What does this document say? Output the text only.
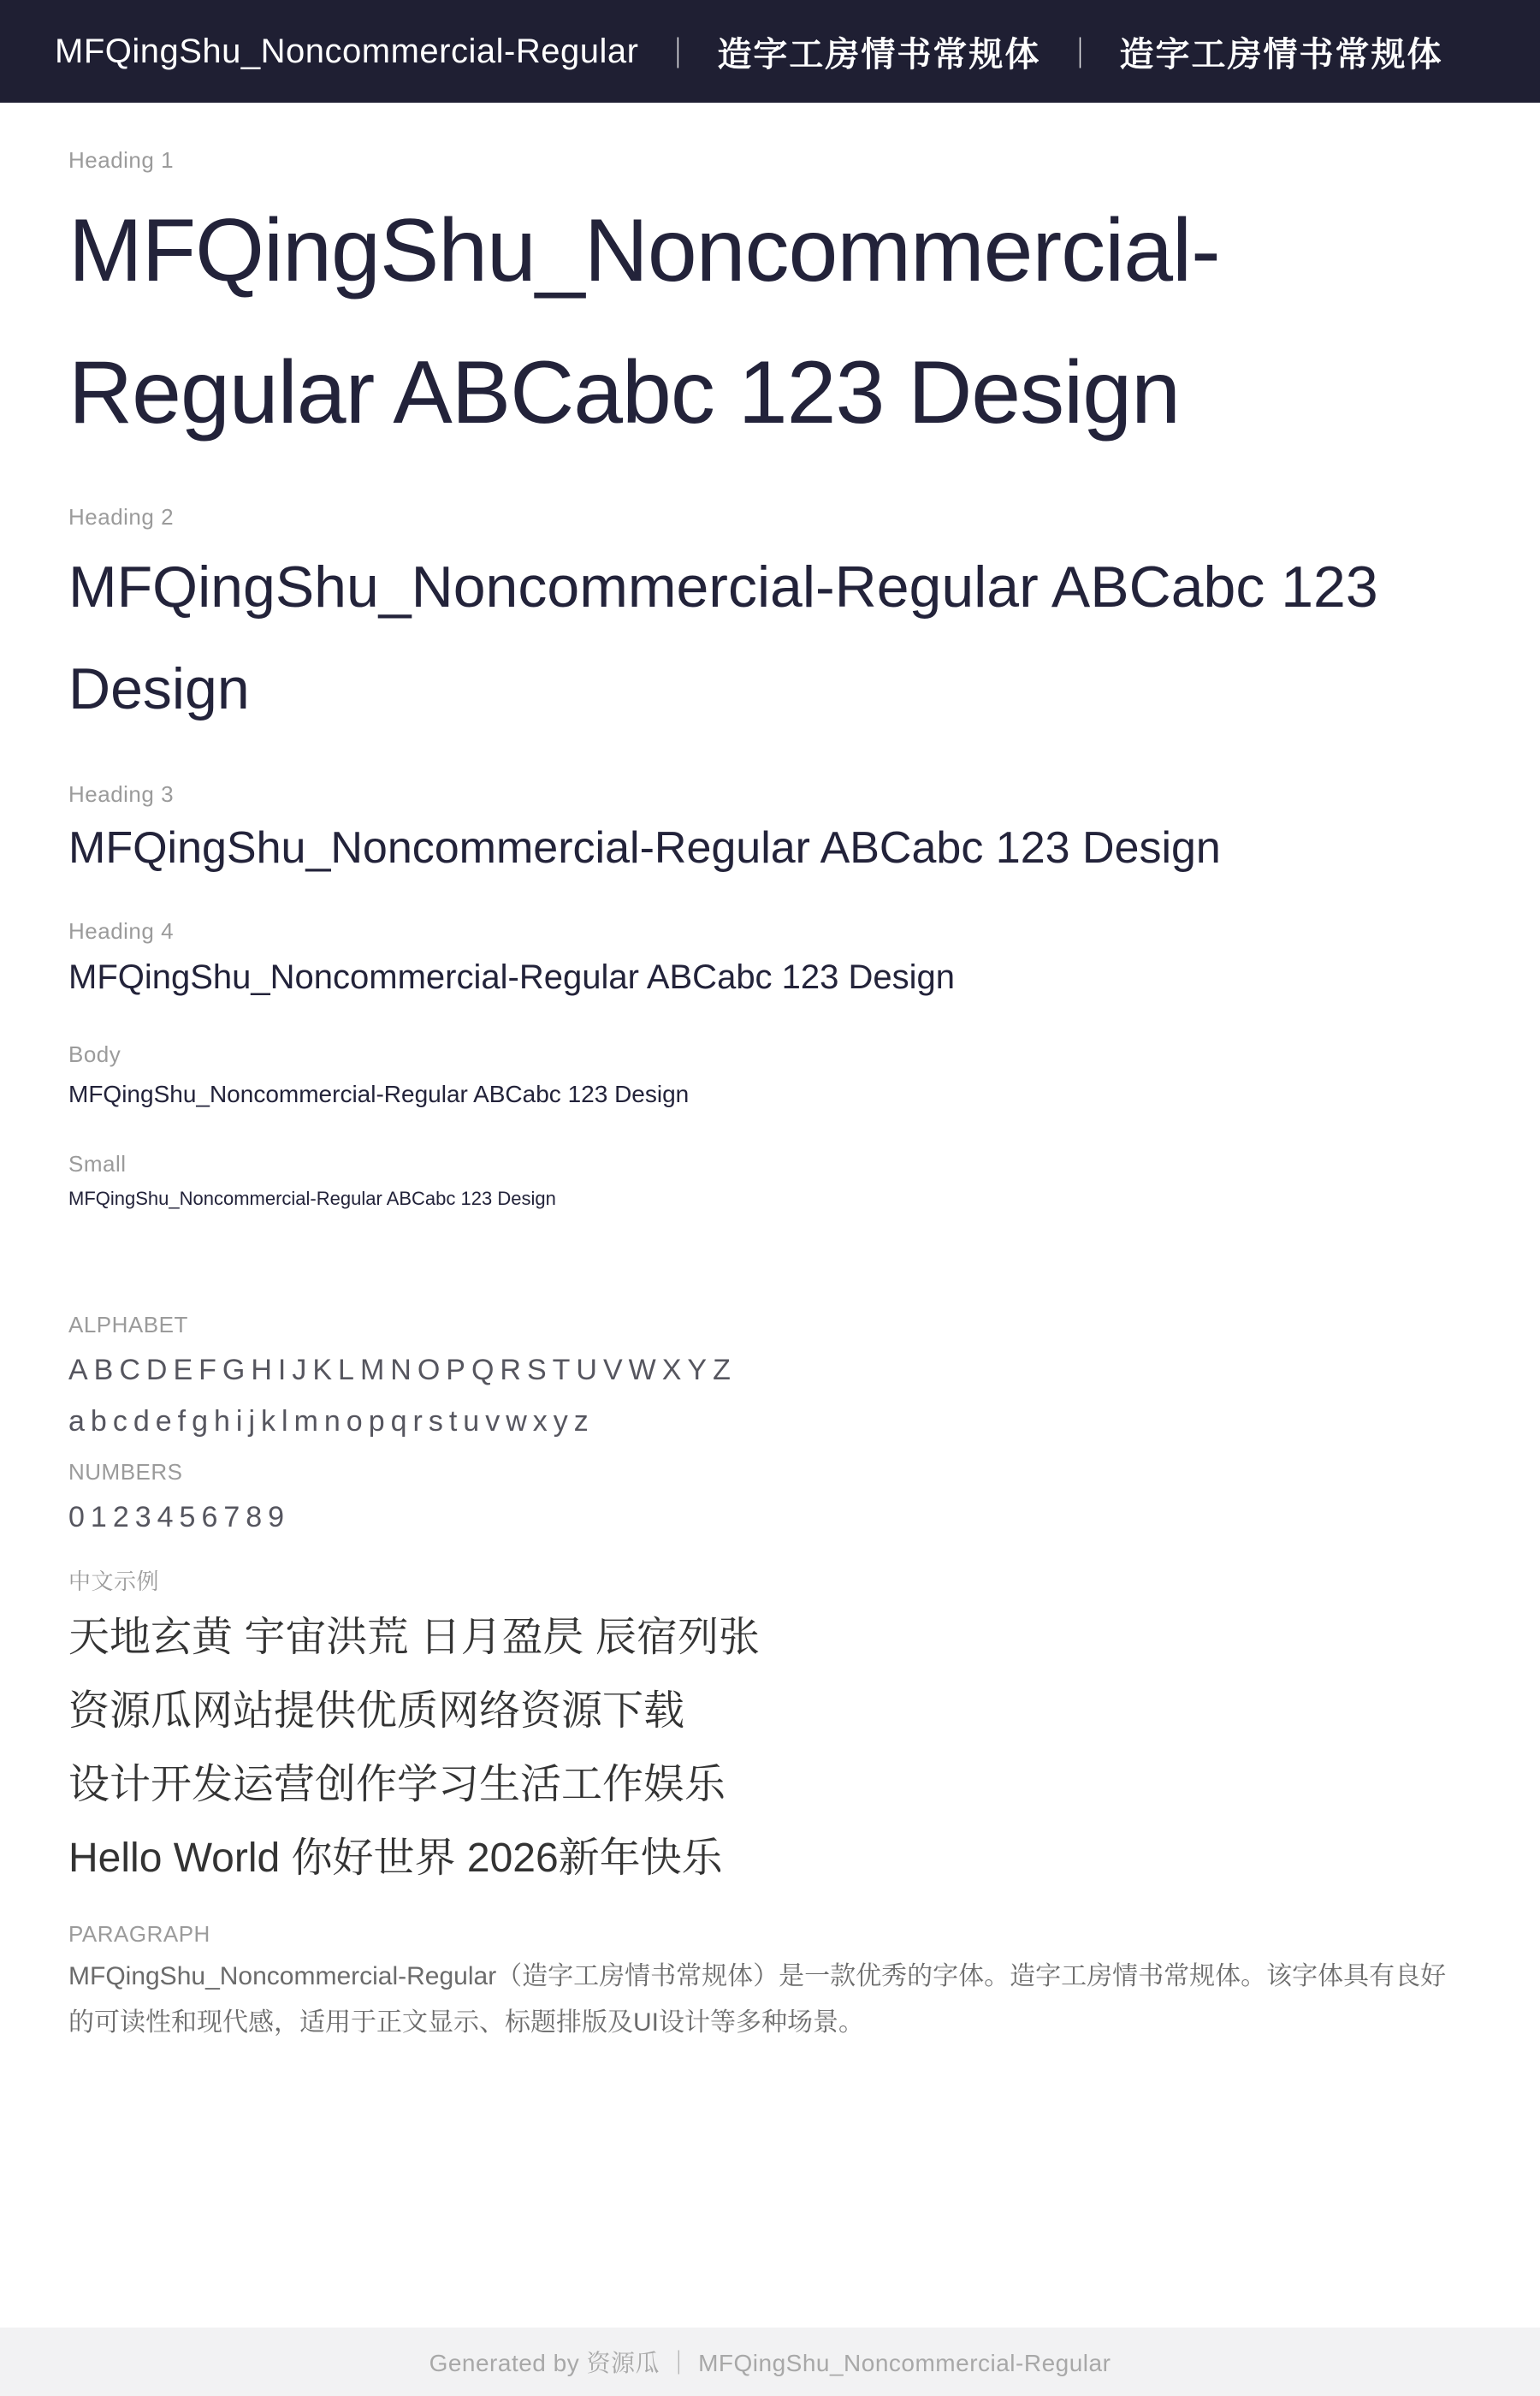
MFQingShu_Noncommercial-Regular ｜ 造字工房情书常规体 ｜ 造字工房情书常规体
Heading 1
MFQingShu_Noncommercial-Regular ABCabc 123 Design
Heading 2
MFQingShu_Noncommercial-Regular ABCabc 123 Design
Heading 3
MFQingShu_Noncommercial-Regular ABCabc 123 Design
Heading 4
MFQingShu_Noncommercial-Regular ABCabc 123 Design
Body
MFQingShu_Noncommercial-Regular ABCabc 123 Design
Small
MFQingShu_Noncommercial-Regular ABCabc 123 Design
ALPHABET
ABCDEFGHIJKLMNOPQRSTUVWXYZ
abcdefghijklmnopqrstuvwxyz
NUMBERS
0123456789
中文示例
天地玄黄 宇宙洪荒 日月盈昃 辰宿列张
资源瓜网站提供优质网络资源下载
设计开发运营创作学习生活工作娱乐
Hello World 你好世界 2026新年快乐
PARAGRAPH
MFQingShu_Noncommercial-Regular（造字工房情书常规体）是一款优秀的字体。造字工房情书常规体。该字体具有良好的可读性和现代感，适用于正文显示、标题排版及UI设计等多种场景。
Generated by 资源瓜 ｜ MFQingShu_Noncommercial-Regular
